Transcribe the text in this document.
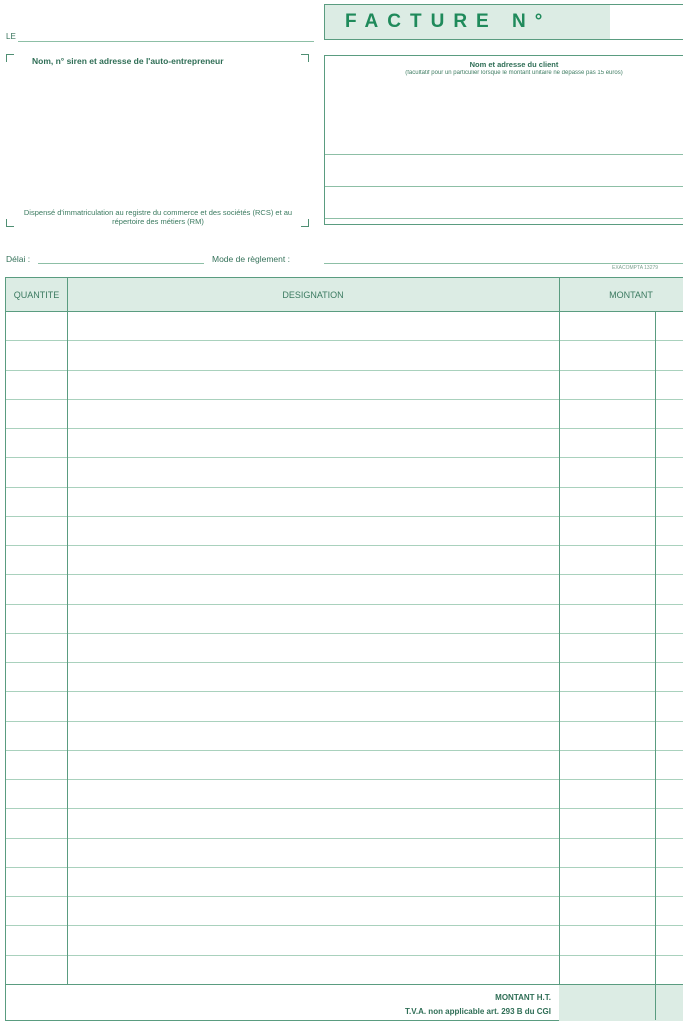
FACTURE N°
LE
Nom, n° siren et adresse de l'auto-entrepreneur
Dispensé d'immatriculation au registre du commerce et des sociétés (RCS) et au répertoire des métiers (RM)
Nom et adresse du client
(facultatif pour un particulier lorsque le montant unitaire ne dépasse pas 15 euros)
Délai :	Mode de règlement :
EXACOMPTA 13279
QUANTITE	DESIGNATION	MONTANT
MONTANT H.T.
T.V.A. non applicable art. 293 B du CGI
